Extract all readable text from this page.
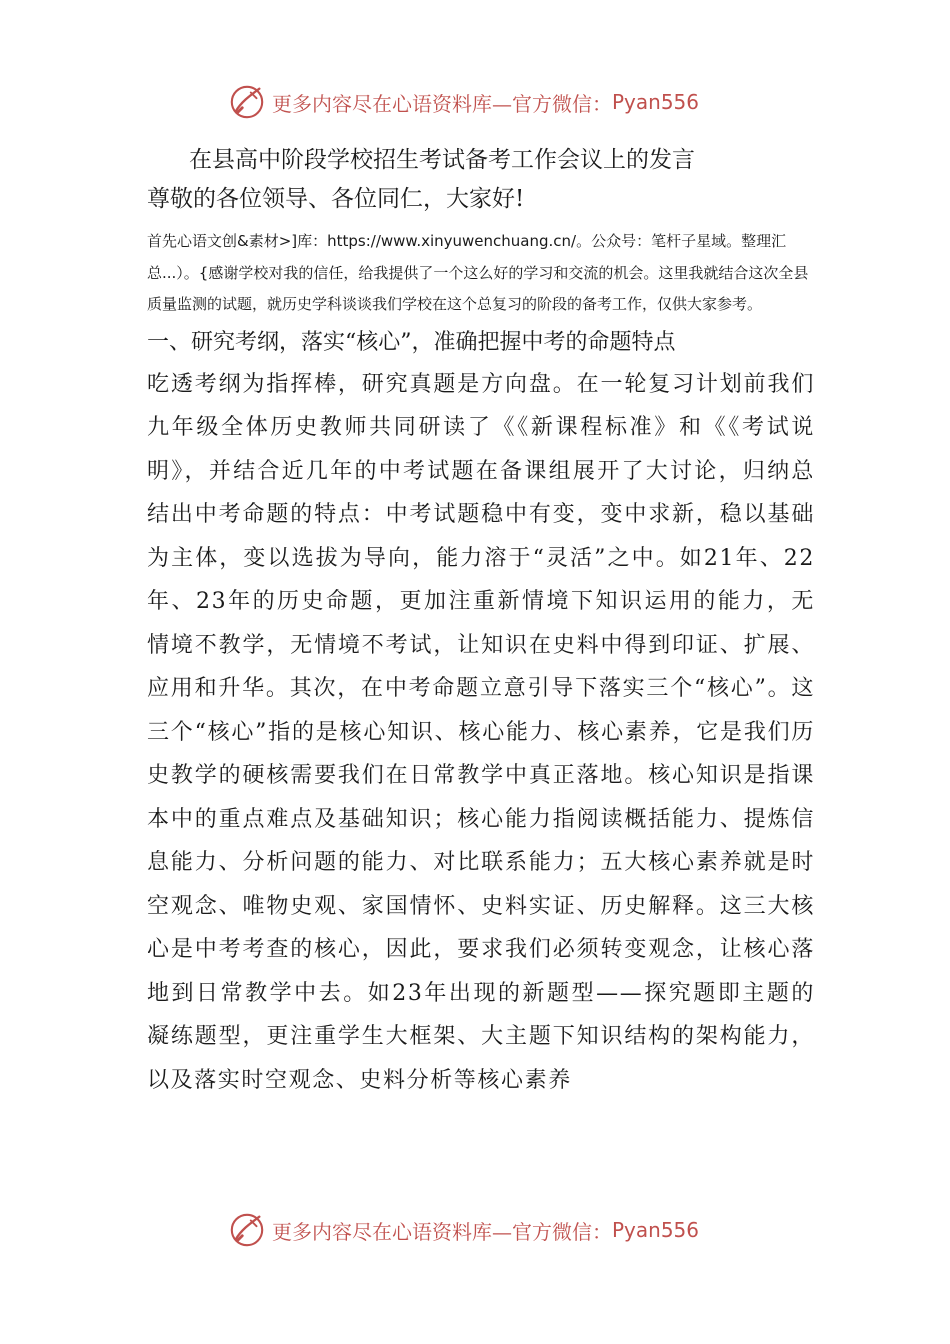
更多内容尽在心语资料库—官方微信： Pyan556
在县高中阶段学校招生考试备考工作会议上的发言
尊敬的各位领导、各位同仁，大家好!
首先心语文创&素材>]库：https://www.xinyuwenchuang.cn/。公众号：笔杆子星域。整理汇总...）。{感谢学校对我的信任，给我提供了一个这么好的学习和交流的机会。这里我就结合这次全县质量监测的试题，就历史学科谈谈我们学校在这个总复习的阶段的备考工作，仅供大家参考。
一、研究考纲，落实“核心”，准确把握中考的命题特点
吃透考纲为指挥棒，研究真题是方向盘。在一轮复习计划前我们九年级全体历史教师共同研读了《《新课程标准》和《《考试说明》，并结合近几年的中考试题在备课组展开了大讨论，归纳总结出中考命题的特点：中考试题稳中有变，变中求新，稳以基础为主体，变以选拔为导向，能力溶于“灵活”之中。如21年、22年、23年的历史命题，更加注重新情境下知识运用的能力，无情境不教学，无情境不考试，让知识在史料中得到印证、扩展、应用和升华。其次，在中考命题立意引导下落实三个“核心”。这三个“核心”指的是核心知识、核心能力、核心素养，它是我们历史教学的硬核需要我们在日常教学中真正落地。核心知识是指课本中的重点难点及基础知识；核心能力指阅读概括能力、提炼信息能力、分析问题的能力、对比联系能力；五大核心素养就是时空观念、唯物史观、家国情怀、史料实证、历史解释。这三大核心是中考考查的核心，因此，要求我们必须转变观念，让核心落地到日常教学中去。如23年出现的新题型——探究题即主题的凝练题型，更注重学生大框架、大主题下知识结构的架构能力，以及落实时空观念、史料分析等核心素养
更多内容尽在心语资料库—官方微信： Pyan556
